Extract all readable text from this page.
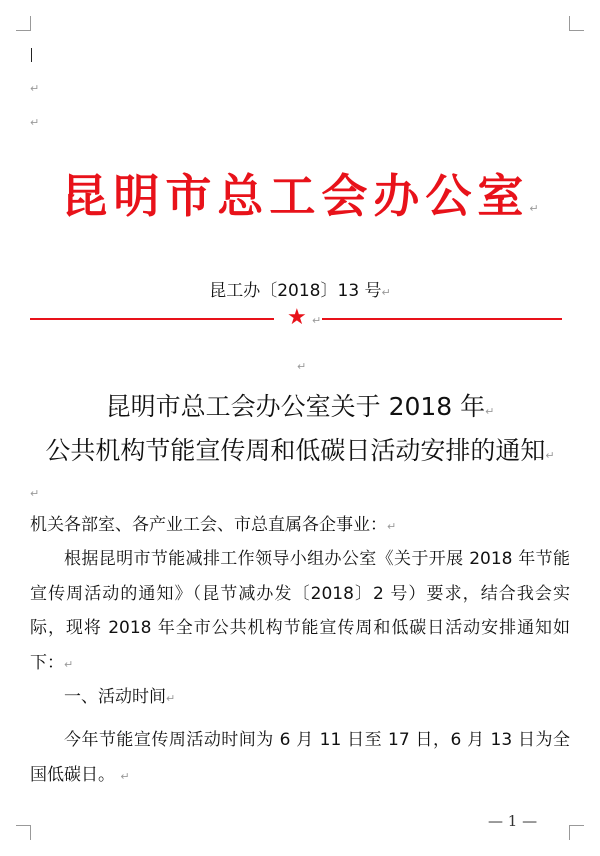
↵
↵
昆明市总工会办公室↵
昆工办〔2018〕13 号↵
★ ↵
↵
昆明市总工会办公室关于 2018 年↵
公共机构节能宣传周和低碳日活动安排的通知↵
↵
机关各部室、各产业工会、市总直属各企事业：↵
根据昆明市节能减排工作领导小组办公室《关于开展 2018 年节能宣传周活动的通知》（昆节减办发〔2018〕2 号）要求，结合我会实际，现将 2018 年全市公共机构节能宣传周和低碳日活动安排通知如下：↵
一、活动时间↵
今年节能宣传周活动时间为 6 月 11 日至 17 日，6 月 13 日为全国低碳日。 ↵
— 1 —
